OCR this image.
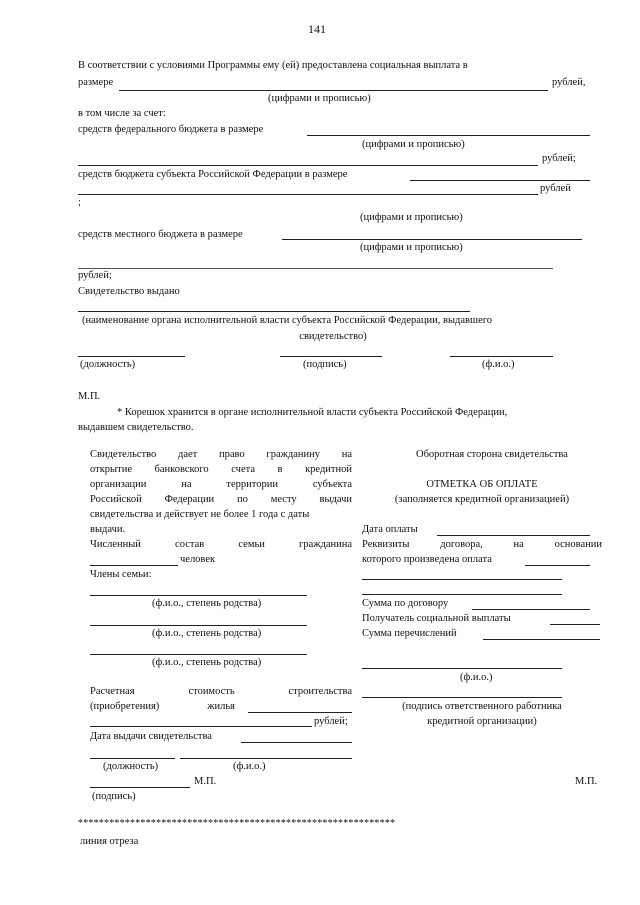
141
В соответствии с условиями Программы ему (ей) предоставлена социальная выплата в
размере	рублей,
(цифрами и прописью)
в том числе за счет:
средств федерального бюджета в размере
(цифрами и прописью)
рублей;
средств бюджета субъекта Российской Федерации в размере
рублей
;
(цифрами и прописью)
средств местного бюджета в размере
(цифрами и прописью)
рублей;
Свидетельство выдано
(наименование органа исполнительной власти субъекта Российской Федерации, выдавшего
свидетельство)
(должность)	(подпись)	(ф.и.о.)
М.П.
* Корешок хранится в органе исполнительной власти субъекта Российской Федерации,
выдавшем свидетельство.
Свидетельство дает право гражданину на
открытие банковского счета в кредитной
организации на территории субъекта
Российской Федерации по месту выдачи
свидетельства и действует не более 1 года с даты
выдачи.
Численный состав семьи гражданина
человек
Члены семьи:
(ф.и.о., степень родства)
(ф.и.о., степень родства)
(ф.и.о., степень родства)
Расчетная стоимость строительства
(приобретения) жилья
рублей;
Дата выдачи свидетельства
(должность)	(ф.и.о.)
М.П.
(подпись)
Оборотная сторона свидетельства
ОТМЕТКА ОБ ОПЛАТЕ
(заполняется кредитной организацией)
Дата оплаты
Реквизиты договора, на основании
которого произведена оплата
Сумма по договору
Получатель социальной выплаты
Сумма перечислений
(ф.и.о.)
(подпись ответственного работника
кредитной организации)
М.П.
*************************************************************
линия отреза
